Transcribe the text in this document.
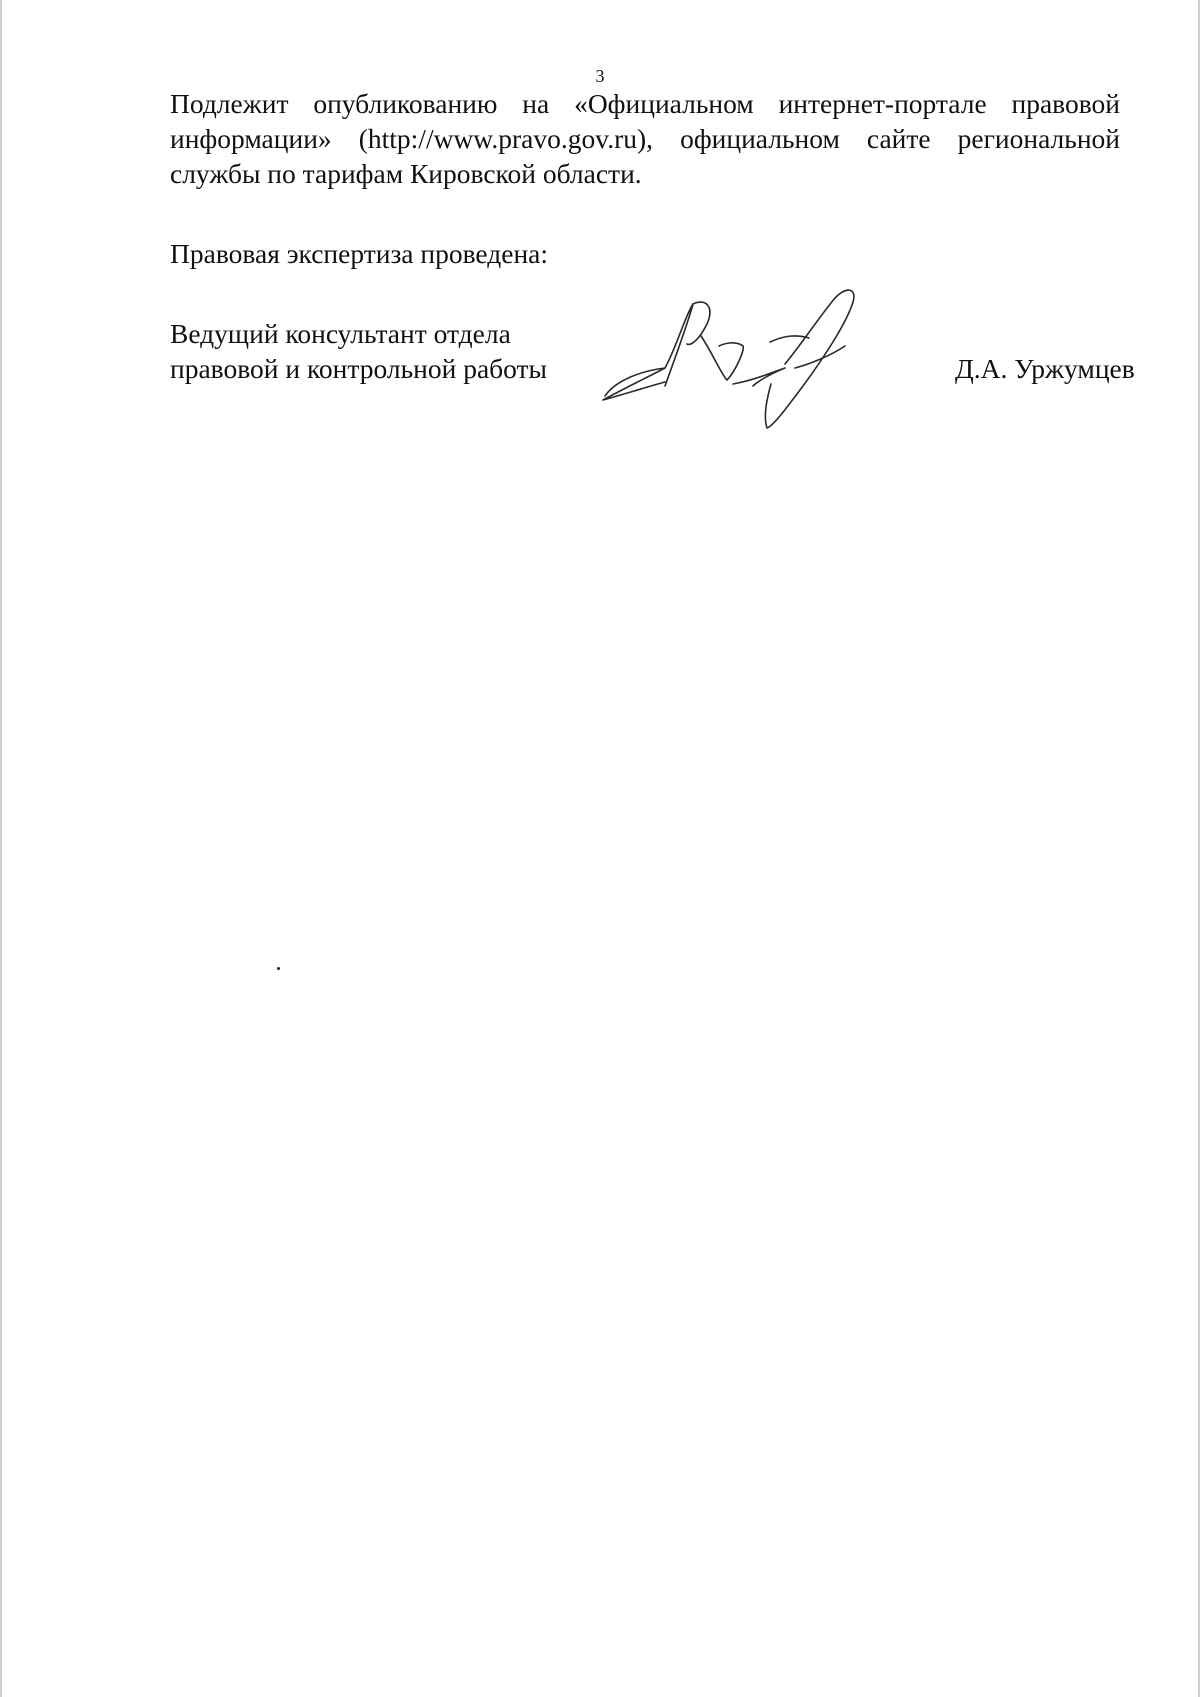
3

Подлежит опубликованию на «Официальном интернет-портале правовой информации» (http://www.pravo.gov.ru), официальном сайте региональной службы по тарифам Кировской области.

Правовая экспертиза проведена:

Ведущий консультант отдела
правовой и контрольной работы	Д.А. Уржумцев
